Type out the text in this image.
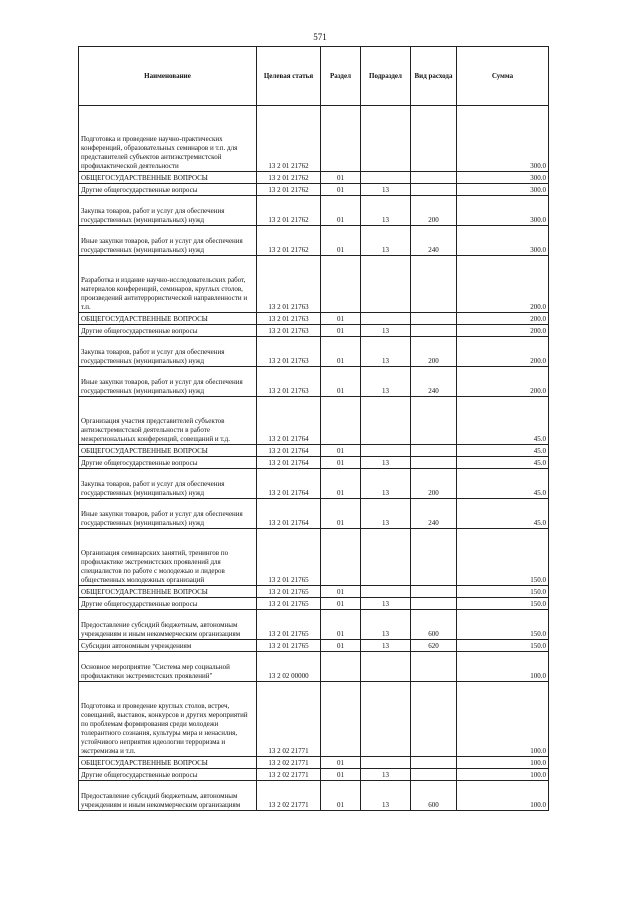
571
Наименование	Целевая статья	Раздел	Подраздел	Вид расхода	Сумма
Подготовка и проведение научно-практических конференций, образовательных семинаров и т.п. для представителей субъектов антиэкстремистской профилактической деятельности	13 2 01 21762				300.0
ОБЩЕГОСУДАРСТВЕННЫЕ ВОПРОСЫ	13 2 01 21762	01			300.0
Другие общегосударственные вопросы	13 2 01 21762	01	13		300.0
Закупка товаров, работ и услуг для обеспечения государственных (муниципальных) нужд	13 2 01 21762	01	13	200	300.0
Иные закупки товаров, работ и услуг для обеспечения государственных (муниципальных) нужд	13 2 01 21762	01	13	240	300.0
Разработка и издание научно-исследовательских работ, материалов конференций, семинаров, круглых столов, произведений антитеррористической направленности и т.п.	13 2 01 21763				200.0
ОБЩЕГОСУДАРСТВЕННЫЕ ВОПРОСЫ	13 2 01 21763	01			200.0
Другие общегосударственные вопросы	13 2 01 21763	01	13		200.0
Закупка товаров, работ и услуг для обеспечения государственных (муниципальных) нужд	13 2 01 21763	01	13	200	200.0
Иные закупки товаров, работ и услуг для обеспечения государственных (муниципальных) нужд	13 2 01 21763	01	13	240	200.0
Организация участия представителей субъектов антиэкстремистской деятельности в работе межрегиональных конференций, совещаний и т.д.	13 2 01 21764				45.0
ОБЩЕГОСУДАРСТВЕННЫЕ ВОПРОСЫ	13 2 01 21764	01			45.0
Другие общегосударственные вопросы	13 2 01 21764	01	13		45.0
Закупка товаров, работ и услуг для обеспечения государственных (муниципальных) нужд	13 2 01 21764	01	13	200	45.0
Иные закупки товаров, работ и услуг для обеспечения государственных (муниципальных) нужд	13 2 01 21764	01	13	240	45.0
Организация семинарских занятий, тренингов по профилактике экстремистских проявлений для специалистов по работе с молодежью и лидеров общественных молодежных организаций	13 2 01 21765				150.0
ОБЩЕГОСУДАРСТВЕННЫЕ ВОПРОСЫ	13 2 01 21765	01			150.0
Другие общегосударственные вопросы	13 2 01 21765	01	13		150.0
Предоставление субсидий бюджетным, автономным учреждениям и иным некоммерческим организациям	13 2 01 21765	01	13	600	150.0
Субсидии автономным учреждениям	13 2 01 21765	01	13	620	150.0
Основное мероприятие "Система мер социальной профилактики экстремистских проявлений"	13 2 02 00000				100.0
Подготовка и проведение круглых столов, встреч, совещаний, выставок, конкурсов и других мероприятий по проблемам формирования среди молодежи толерантного сознания, культуры мира и ненасилия, устойчивого неприятия идеологии терроризма и экстремизма и т.п.	13 2 02 21771				100.0
ОБЩЕГОСУДАРСТВЕННЫЕ ВОПРОСЫ	13 2 02 21771	01			100.0
Другие общегосударственные вопросы	13 2 02 21771	01	13		100.0
Предоставление субсидий бюджетным, автономным учреждениям и иным некоммерческим организациям	13 2 02 21771	01	13	600	100.0
